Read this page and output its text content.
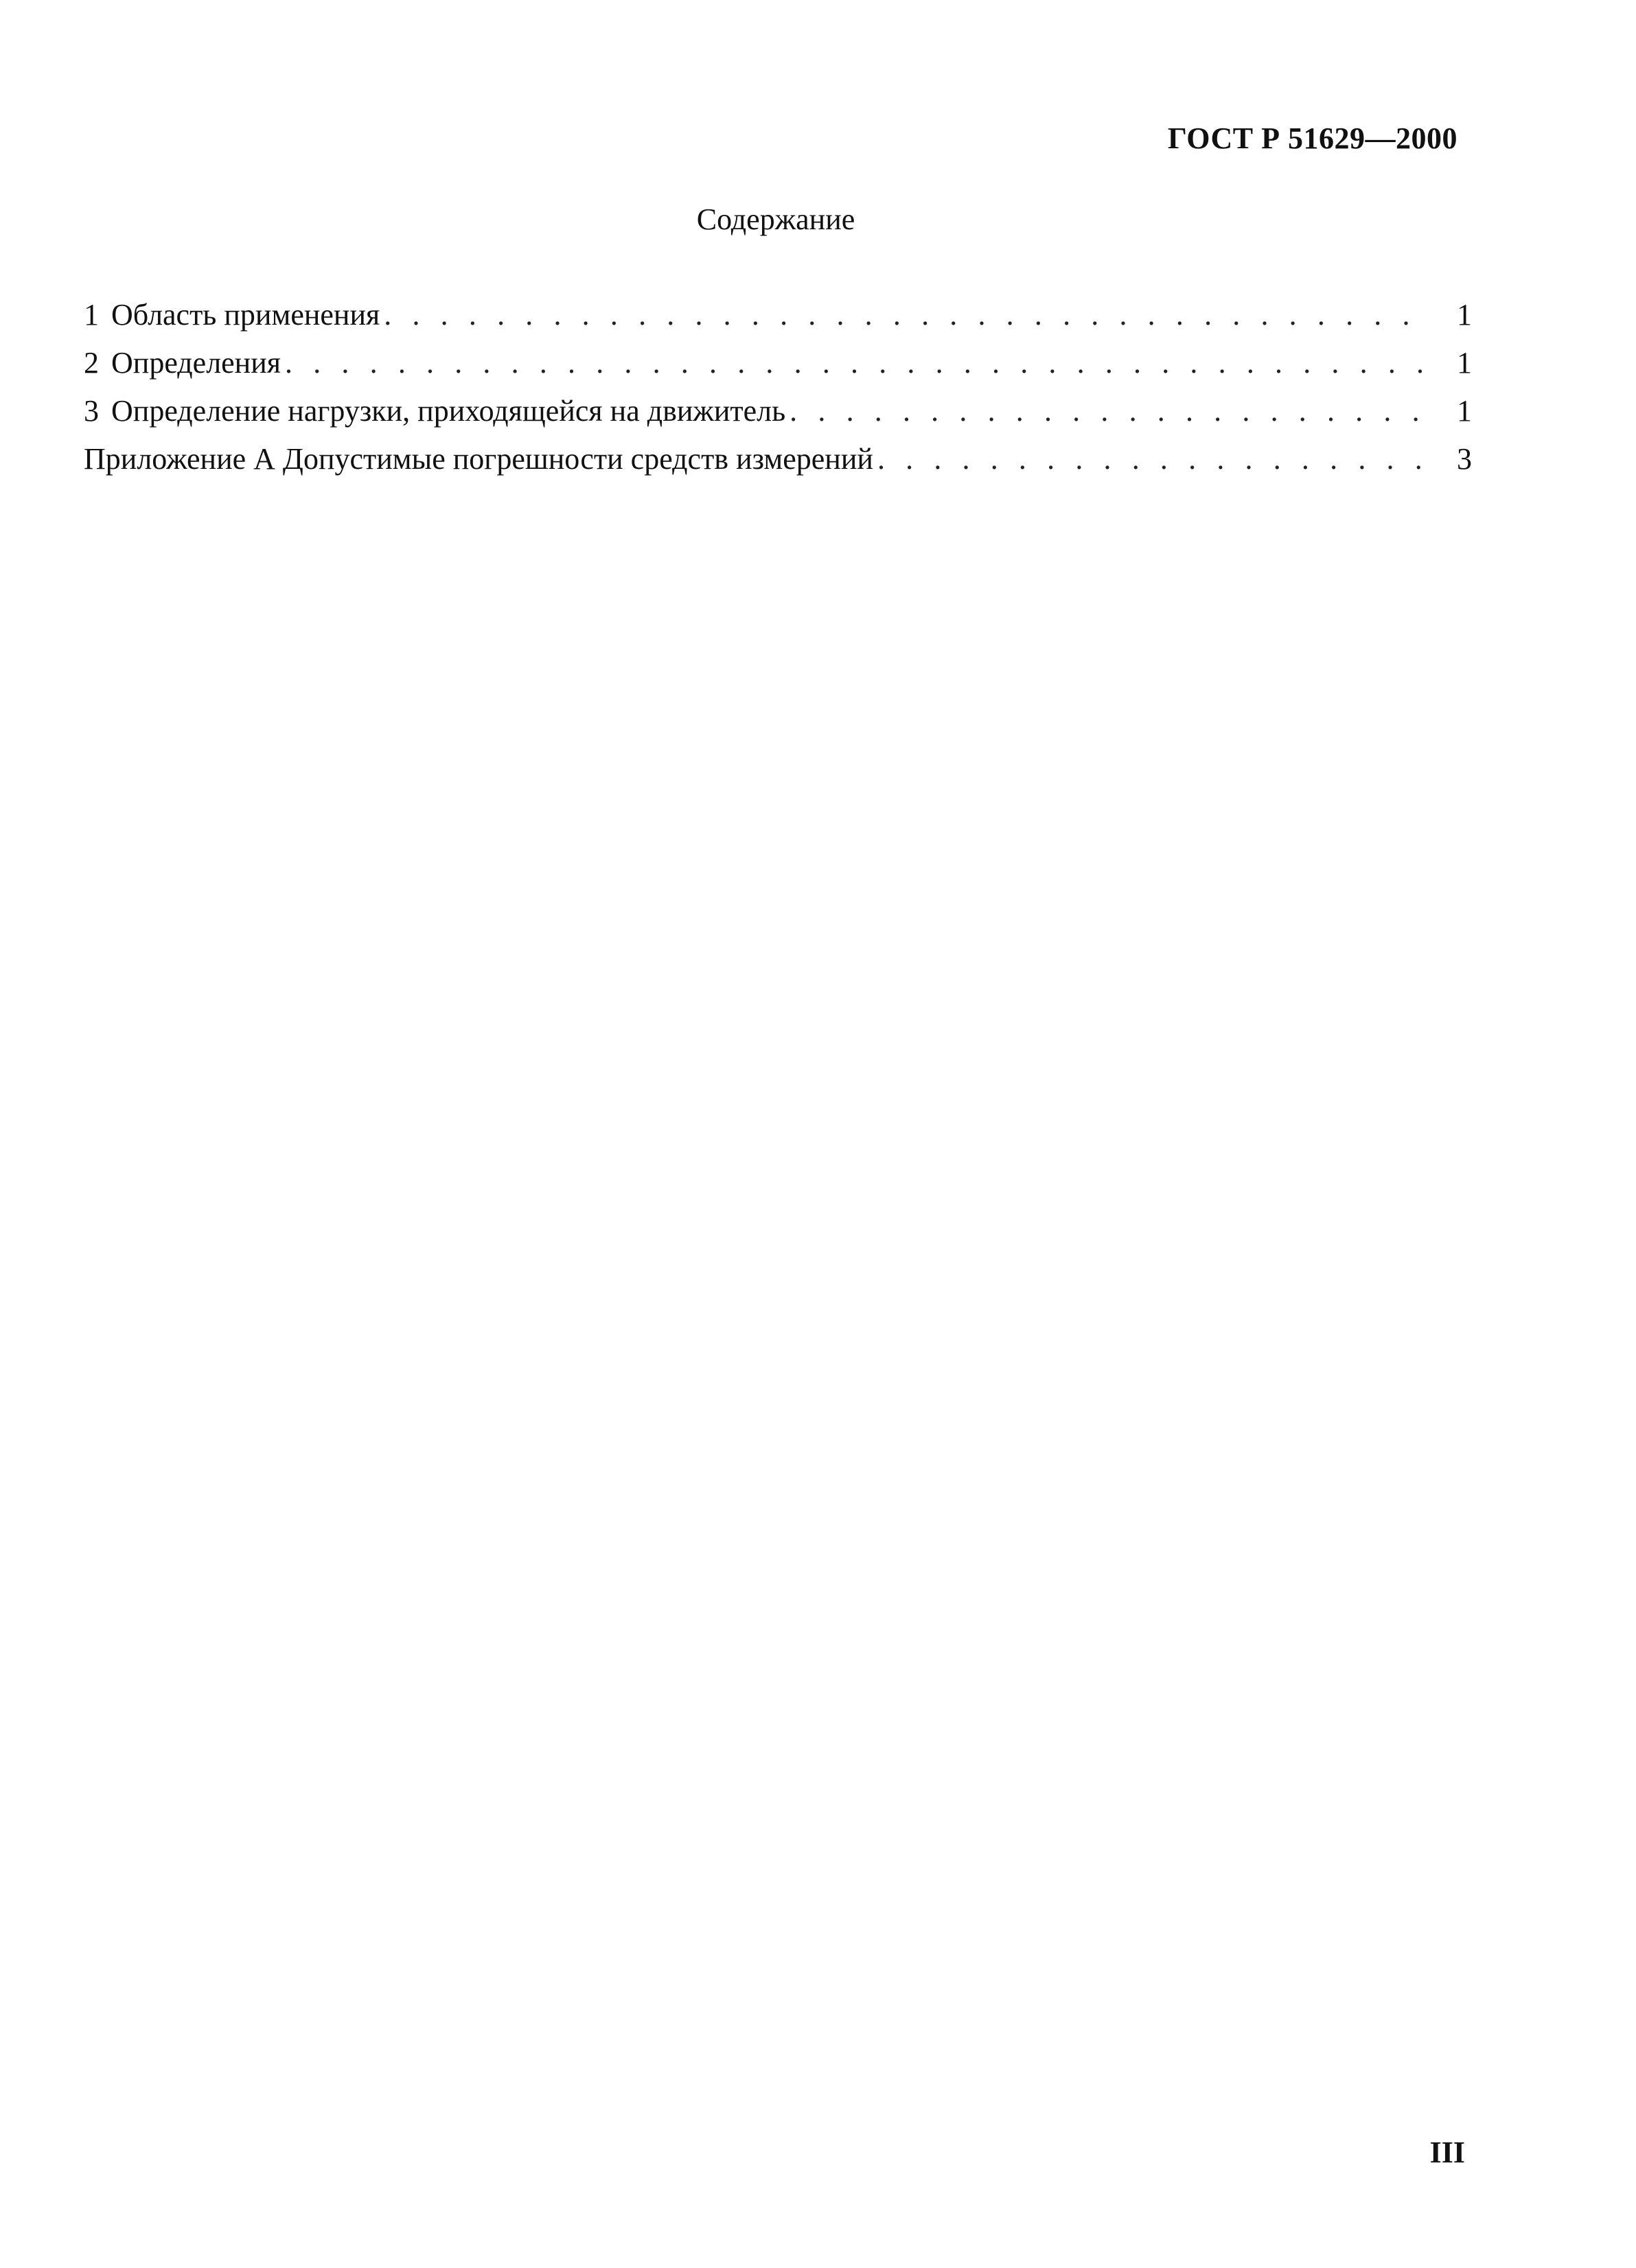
ГОСТ Р 51629—2000
Содержание
1 Область применения . . .	1
2 Определения . . .	1
3 Определение нагрузки, приходящейся на движитель . . .	1
Приложение А Допустимые погрешности средств измерений . . .	3
III
